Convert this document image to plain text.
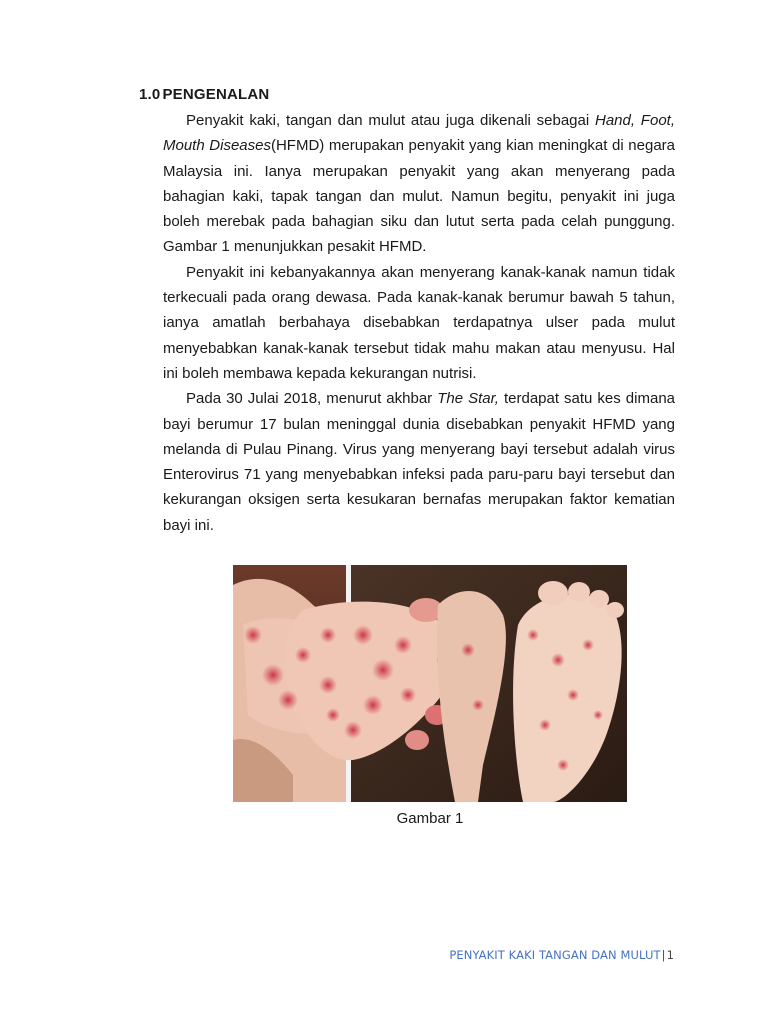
1.0 PENGENALAN

Penyakit kaki, tangan dan mulut atau juga dikenali sebagai Hand, Foot, Mouth Diseases(HFMD) merupakan penyakit yang kian meningkat di negara Malaysia ini. Ianya merupakan penyakit yang akan menyerang pada bahagian kaki, tapak tangan dan mulut. Namun begitu, penyakit ini juga boleh merebak pada bahagian siku dan lutut serta pada celah punggung. Gambar 1 menunjukkan pesakit HFMD.

Penyakit ini kebanyakannya akan menyerang kanak-kanak namun tidak terkecuali pada orang dewasa. Pada kanak-kanak berumur bawah 5 tahun, ianya amatlah berbahaya disebabkan terdapatnya ulser pada mulut menyebabkan kanak-kanak tersebut tidak mahu makan atau menyusu. Hal ini boleh membawa kepada kekurangan nutrisi.

Pada 30 Julai 2018, menurut akhbar The Star, terdapat satu kes dimana bayi berumur 17 bulan meninggal dunia disebabkan penyakit HFMD yang melanda di Pulau Pinang. Virus yang menyerang bayi tersebut adalah virus Enterovirus 71 yang menyebabkan infeksi pada paru-paru bayi tersebut dan kekurangan oksigen serta kesukaran bernafas merupakan faktor kematian bayi ini.

Gambar 1
PENYAKIT KAKI TANGAN DAN MULUT|1
